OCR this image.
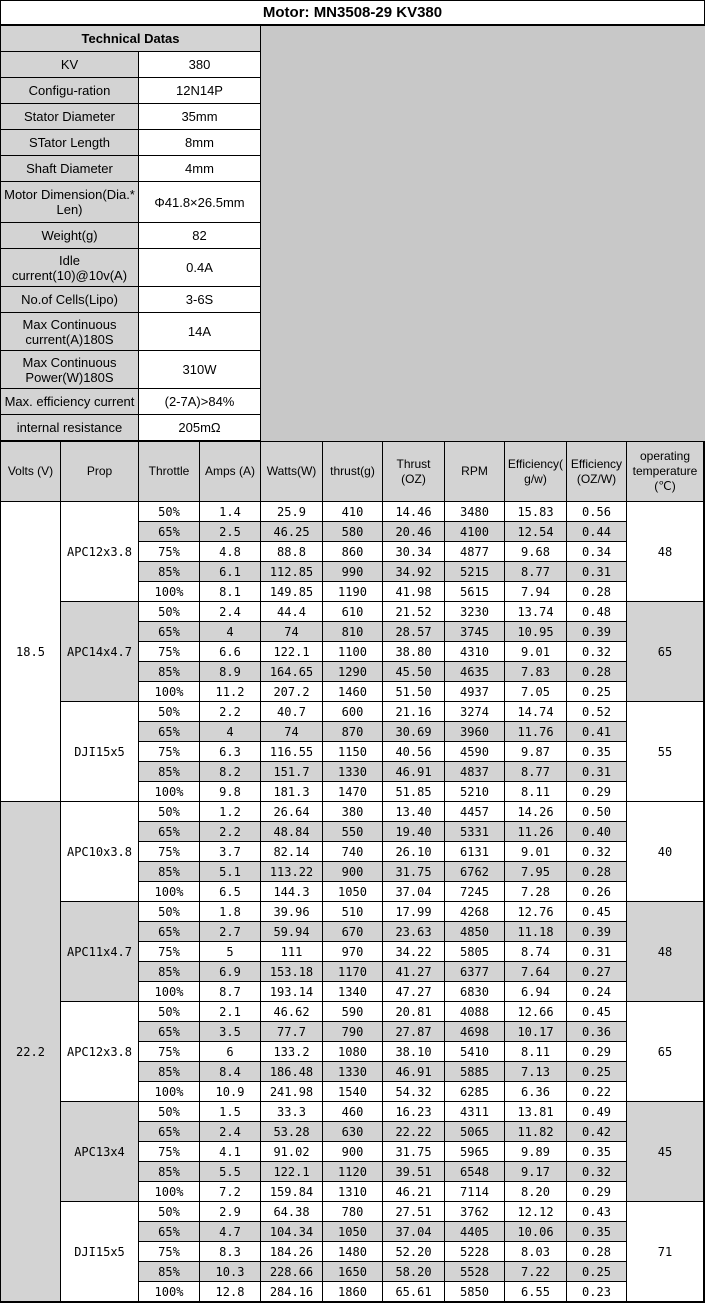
Motor: MN3508-29 KV380
Technical Datas	
KV	380
Configu-ration	12N14P
Stator Diameter	35mm
STator Length	8mm
Shaft Diameter	4mm
Motor Dimension(Dia.* Len)	Φ41.8×26.5mm
Weight(g)	82
Idle current(10)@10v(A)	0.4A
No.of Cells(Lipo)	3-6S
Max Continuous current(A)180S	14A
Max Continuous Power(W)180S	310W
Max. efficiency current	(2-7A)>84%
internal resistance	205mΩ
Volts (V)	Prop	Throttle	Amps (A)	Watts(W)	thrust(g)	Thrust (OZ)	RPM	Efficiency( g/w)	Efficiency (OZ/W)	operating temperature (℃)
18.5	APC12x3.8	50%	1.4	25.9	410	14.46	3480	15.83	0.56	48
		65%	2.5	46.25	580	20.46	4100	12.54	0.44	
		75%	4.8	88.8	860	30.34	4877	9.68	0.34	
		85%	6.1	112.85	990	34.92	5215	8.77	0.31	
		100%	8.1	149.85	1190	41.98	5615	7.94	0.28	
	APC14x4.7	50%	2.4	44.4	610	21.52	3230	13.74	0.48	65
		65%	4	74	810	28.57	3745	10.95	0.39	
		75%	6.6	122.1	1100	38.80	4310	9.01	0.32	
		85%	8.9	164.65	1290	45.50	4635	7.83	0.28	
		100%	11.2	207.2	1460	51.50	4937	7.05	0.25	
	DJI15x5	50%	2.2	40.7	600	21.16	3274	14.74	0.52	55
		65%	4	74	870	30.69	3960	11.76	0.41	
		75%	6.3	116.55	1150	40.56	4590	9.87	0.35	
		85%	8.2	151.7	1330	46.91	4837	8.77	0.31	
		100%	9.8	181.3	1470	51.85	5210	8.11	0.29	
22.2	APC10x3.8	50%	1.2	26.64	380	13.40	4457	14.26	0.50	40
		65%	2.2	48.84	550	19.40	5331	11.26	0.40	
		75%	3.7	82.14	740	26.10	6131	9.01	0.32	
		85%	5.1	113.22	900	31.75	6762	7.95	0.28	
		100%	6.5	144.3	1050	37.04	7245	7.28	0.26	
	APC11x4.7	50%	1.8	39.96	510	17.99	4268	12.76	0.45	48
		65%	2.7	59.94	670	23.63	4850	11.18	0.39	
		75%	5	111	970	34.22	5805	8.74	0.31	
		85%	6.9	153.18	1170	41.27	6377	7.64	0.27	
		100%	8.7	193.14	1340	47.27	6830	6.94	0.24	
	APC12x3.8	50%	2.1	46.62	590	20.81	4088	12.66	0.45	65
		65%	3.5	77.7	790	27.87	4698	10.17	0.36	
		75%	6	133.2	1080	38.10	5410	8.11	0.29	
		85%	8.4	186.48	1330	46.91	5885	7.13	0.25	
		100%	10.9	241.98	1540	54.32	6285	6.36	0.22	
	APC13x4	50%	1.5	33.3	460	16.23	4311	13.81	0.49	45
		65%	2.4	53.28	630	22.22	5065	11.82	0.42	
		75%	4.1	91.02	900	31.75	5965	9.89	0.35	
		85%	5.5	122.1	1120	39.51	6548	9.17	0.32	
		100%	7.2	159.84	1310	46.21	7114	8.20	0.29	
	DJI15x5	50%	2.9	64.38	780	27.51	3762	12.12	0.43	71
		65%	4.7	104.34	1050	37.04	4405	10.06	0.35	
		75%	8.3	184.26	1480	52.20	5228	8.03	0.28	
		85%	10.3	228.66	1650	58.20	5528	7.22	0.25	
		100%	12.8	284.16	1860	65.61	5850	6.55	0.23	
